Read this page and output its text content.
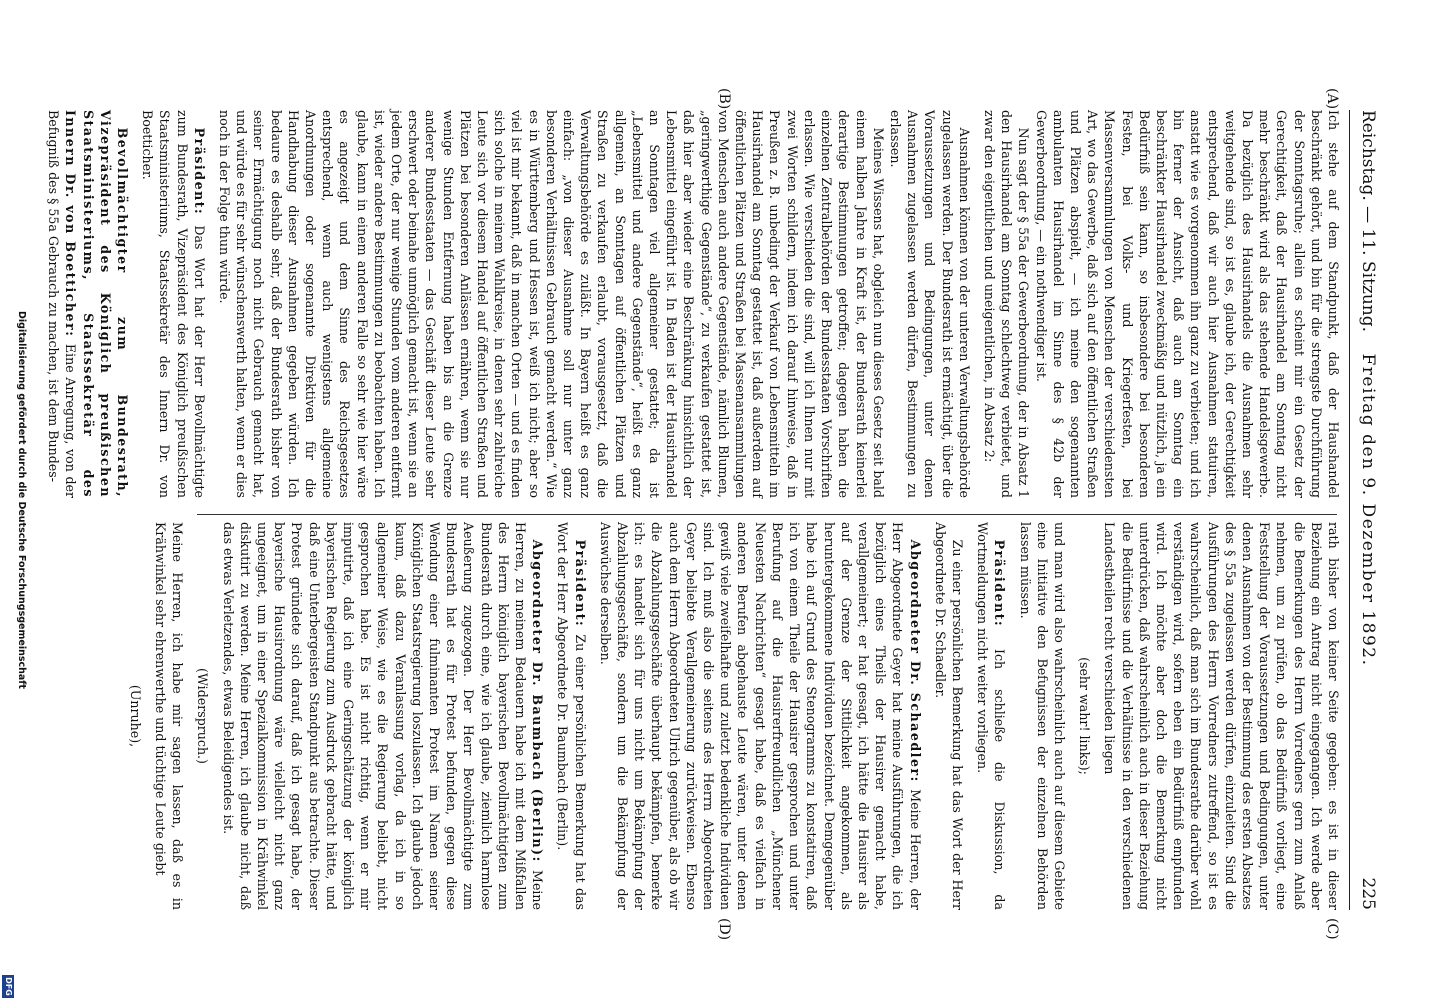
Reichstag. — 11. Sitzung.
Freitag den 9. Dezember 1892.
225
(A)
(B)
(C)
(D)

Ich stehe auf dem Standpunkt, daß der Haushandel beschränkt gehört, und bin für die strengste Durchführung der Sonntagsruhe; allein es scheint mir ein Gesetz der Gerechtigkeit, daß der Hausirhandel am Sonntag nicht mehr beschränkt wird als das stehende Handelsgewerbe. Da bezüglich des Hausirhandels die Ausnahmen sehr weitgehende sind, so ist es, glaube ich, der Gerechtigkeit entsprechend, daß wir auch hier Ausnahmen statuiren, anstatt wie es vorgenommen ihn ganz zu verbieten; und ich bin ferner der Ansicht, daß auch am Sonntag ein beschränkter Hausirhandel zweckmäßig und nützlich, ja ein Bedürfniß sein kann, so insbesondere bei besonderen Festen, bei Volks- und Kriegerfesten, bei Massenversammlungen von Menschen der verschiedensten Art, wo das Gewerbe, daß sich auf den öffentlichen Straßen und Plätzen abspielt, — ich meine den sogenannten ambulanten Hausirhandel im Sinne des § 42b der Gewerbeordnung, — ein nothwendiger ist.

Nun sagt der § 55a der Gewerbeordnung, der in Absatz 1 den Hausirhandel am Sonntag schlechtweg verbietet, und zwar den eigentlichen und uneigentlichen, in Absatz 2:

Ausnahmen können von der unteren Verwaltungsbehörde zugelassen werden. Der Bundesrath ist ermächtigt, über die Voraussetzungen und Bedingungen, unter denen Ausnahmen zugelassen werden dürfen, Bestimmungen zu erlassen.

Meines Wissens hat, obgleich nun dieses Gesetz seit bald einem halben Jahre in Kraft ist, der Bundesrath keinerlei derartige Bestimmungen getroffen; dagegen haben die einzelnen Zentralbehörden der Bundesstaaten Vorschriften erlassen. Wie verschieden die sind, will ich Ihnen nur mit zwei Worten schildern, indem ich darauf hinweise, daß in Preußen z. B. unbedingt der Verkauf von Lebensmitteln im Hausirhandel am Sonntag gestattet ist, daß außerdem auf öffentlichen Plätzen und Straßen bei Massenansammlungen von Menschen auch andere Gegenstände, nämlich Blumen, „geringwerthige Gegenstände“, zu verkaufen gestattet ist, daß hier aber wieder eine Beschränkung hinsichtlich der Lebensmittel eingeführt ist. In Baden ist der Hausirhandel an Sonntagen viel allgemeiner gestattet; da ist „Lebensmittel und andere Gegenstände“, heißt es ganz allgemein, an Sonntagen auf öffentlichen Plätzen und Straßen zu verkaufen erlaubt, vorausgesetzt, daß die Verwaltungsbehörde es zuläßt. In Bayern heißt es ganz einfach: „von dieser Ausnahme soll nur unter ganz besonderen Verhältnissen Gebrauch gemacht werden.“ Wie es in Württemberg und Hessen ist, weiß ich nicht; aber so viel ist mir bekannt, daß in manchen Orten — und es finden sich solche in meinem Wahlkreise, in denen sehr zahlreiche Leute sich vor diesem Handel auf öffentlichen Straßen und Plätzen bei besonderen Anlässen ernähren, wenn sie nur wenige Stunden Entfernung haben bis an die Grenze anderer Bundesstaaten — das Geschäft dieser Leute sehr erschwert oder beinahe unmöglich gemacht ist, wenn sie an jedem Orte, der nur wenige Stunden vom anderen entfernt ist, wieder andere Bestimmungen zu beobachten haben. Ich glaube, kann in einem anderen Falle so sehr wie hier wäre es angezeigt und dem Sinne des Reichsgesetzes entsprechend, wenn auch wenigstens allgemeine Anordnungen oder sogenannte Direktiven für die Handhabung dieser Ausnahmen gegeben würden. Ich bedaure es deshalb sehr, daß der Bundesrath bisher von seiner Ermächtigung noch nicht Gebrauch gemacht hat, und würde es für sehr wünschenswerth halten, wenn er dies noch in der Folge thun würde.

Präsident: Das Wort hat der Herr Bevollmächtigte zum Bundesrath, Vizepräsident des Königlich preußischen Staatsministeriums, Staatssekretär des Innern Dr. von Boetticher.

Bevollmächtigter zum Bundesrath, Vizepräsident des Königlich preußischen Staatsministeriums, Staatssekretär des Innern Dr. von Boetticher: Eine Anregung, von der Befugniß des § 55a Gebrauch zu machen, ist dem Bundes-

rath bisher von keiner Seite gegeben: es ist in dieser Beziehung ein Antrag nicht eingegangen. Ich werde aber die Bemerkungen des Herrn Vorredners gern zum Anlaß nehmen, um zu prüfen, ob das Bedürfniß vorliegt, eine Feststellung der Voraussetzungen und Bedingungen, unter denen Ausnahmen von der Bestimmung des ersten Absatzes des § 55a zugelassen werden dürfen, einzuleiten. Sind die Ausführungen des Herrn Vorredners zutreffend, so ist es wahrscheinlich, daß man sich im Bundesrathe darüber wohl verständigen wird, sofern eben ein Bedürfniß empfunden wird. Ich möchte aber doch die Bemerkung nicht unterdrücken, daß wahrscheinlich auch in dieser Beziehung die Bedürfnisse und die Verhältnisse in den verschiedenen Landestheilen recht verschieden liegen

(sehr wahr! links);

und man wird also wahrscheinlich auch auf diesem Gebiete eine Initiative den Befugnissen der einzelnen Behörden lassen müssen.

Präsident: Ich schließe die Diskussion, da Wortmeldungen nicht weiter vorliegen.

Zu einer persönlichen Bemerkung hat das Wort der Herr Abgeordnete Dr. Schaedler.

Abgeordneter Dr. Schaedler: Meine Herren, der Herr Abgeordnete Geyer hat meine Ausführungen, die ich bezüglich eines Theils der Hausirer gemacht habe, verallgemeinert; er hat gesagt, ich hätte die Hausirer als auf der Grenze der Sittlichkeit angekommen, als heruntergekommene Individuen bezeichnet. Demgegenüber habe ich auf Grund des Stenogramms zu konstatiren, daß ich von einem Theile der Hausirer gesprochen und unter Berufung auf die Hausirerfreundlichen „Münchener Neuesten Nachrichten“ gesagt habe, daß es vielfach in anderen Berufen abgehauste Leute wären, unter denen gewiß viele zweifelhafte und zuletzt bedenkliche Individuen sind. Ich muß also die seitens des Herrn Abgeordneten Geyer beliebte Verallgemeinerung zurückweisen. Ebenso auch dem Herrn Abgeordneten Ulrich gegenüber, als ob wir die Abzahlungsgeschäfte überhaupt bekämpfen, bemerke ich: es handelt sich für uns nicht um Bekämpfung der Abzahlungsgeschäfte, sondern um die Bekämpfung der Auswüchse derselben.

Präsident: Zu einer persönlichen Bemerkung hat das Wort der Herr Abgeordnete Dr. Baumbach (Berlin).

Abgeordneter Dr. Baumbach (Berlin): Meine Herren, zu meinem Bedauern habe ich mit dem Mißfallen des Herrn königlich bayerischen Bevollmächtigten zum Bundesrath durch eine, wie ich glaube, ziemlich harmlose Aeußerung zugezogen. Der Herr Bevollmächtigte zum Bundesrath hat es für Protest befunden, gegen diese Wendung einer fulminanten Protest im Namen seiner Königlichen Staatsregierung loszulassen. Ich glaube jedoch kaum, daß dazu Veranlassung vorlag, da ich in so allgemeiner Weise, wie es die Regierung beliebt, nicht gesprochen habe. Es ist nicht richtig, wenn er mir imputirte, daß ich eine Geringschätzung der königlich bayerischen Regierung zum Ausdruck gebracht hätte, und daß eine Unterbergeisten Standpunkt aus betrachte. Dieser Protest gründete sich darauf, daß ich gesagt habe, der bayerische Hausirordnung wäre vielleicht nicht ganz ungeeignet, um in einer Spezialkommission in Krähwinkel diskutirt zu werden. Meine Herren, ich glaube nicht, daß das etwas Verletzendes, etwas Beleidigendes ist.

(Widerspruch.)

Meine Herren, ich habe mir sagen lassen, daß es in Krähwinkel sehr ehrenwerthe und tüchtige Leute giebt

(Unruhe),

Digitalisierung gefördert durch die Deutsche Forschungsgemeinschaft
DFG
